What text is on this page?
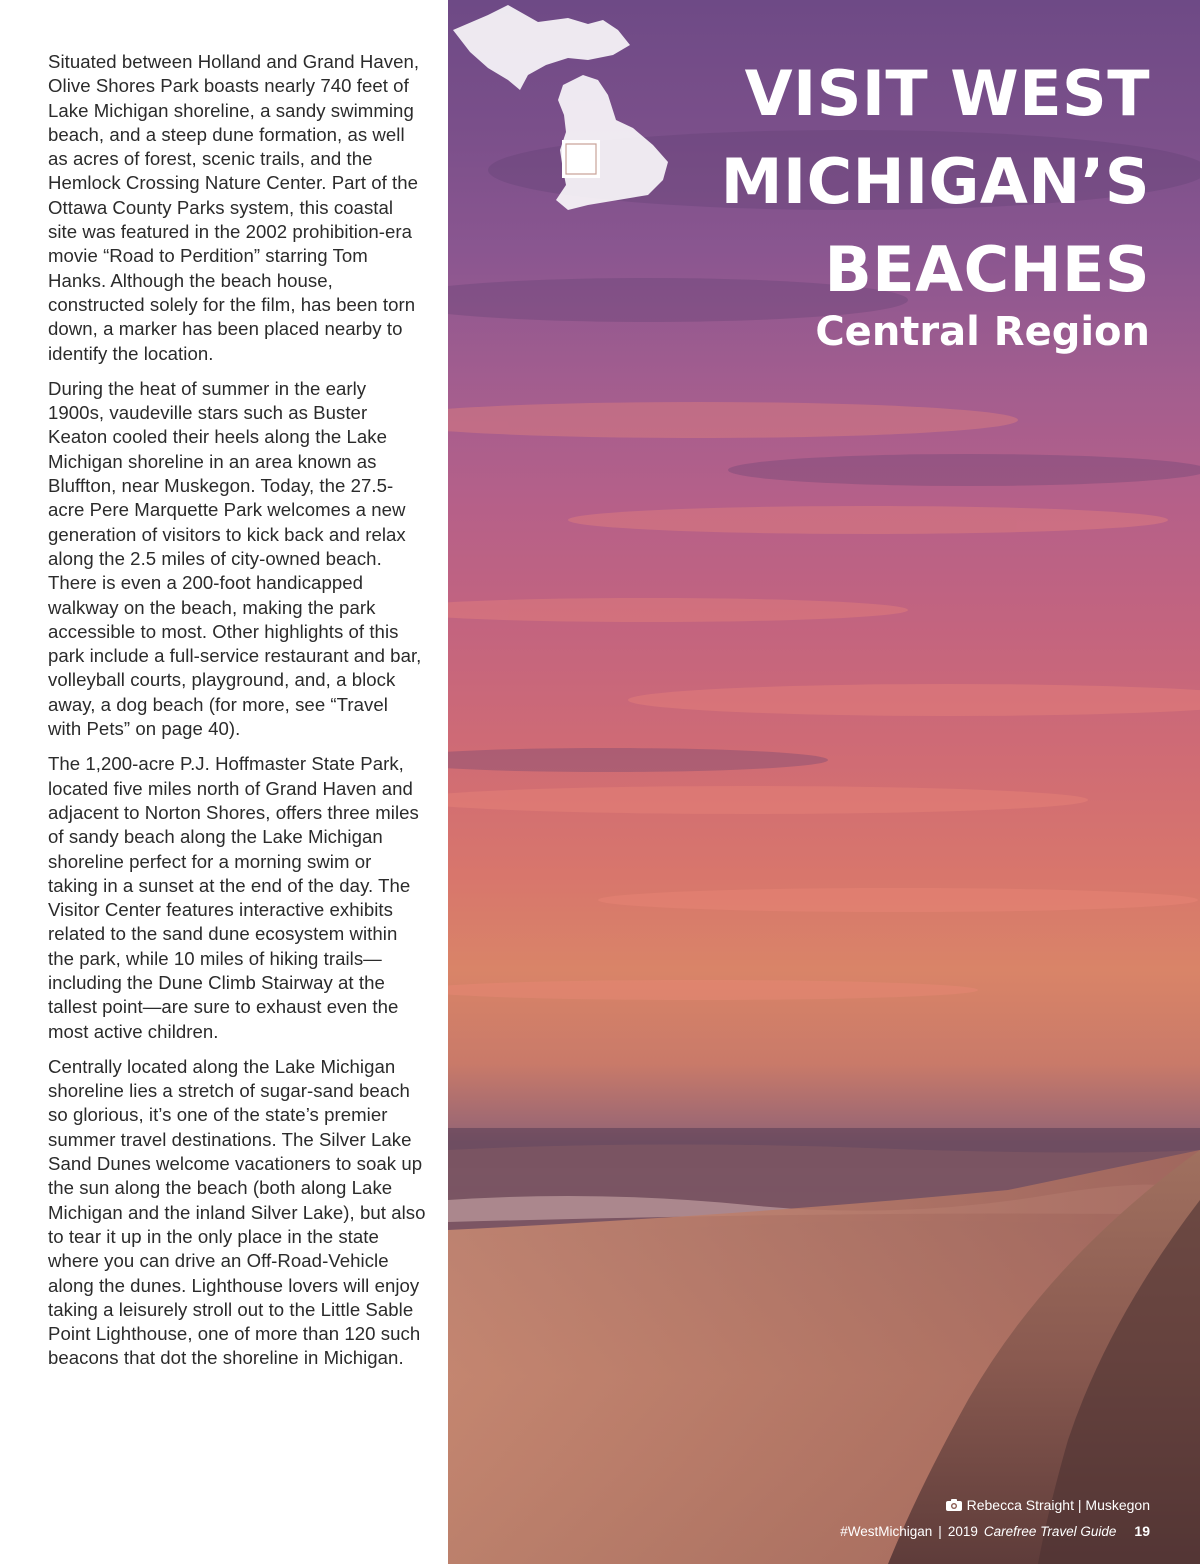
Situated between Holland and Grand Haven, Olive Shores Park boasts nearly 740 feet of Lake Michigan shoreline, a sandy swimming beach, and a steep dune formation, as well as acres of forest, scenic trails, and the Hemlock Crossing Nature Center. Part of the Ottawa County Parks system, this coastal site was featured in the 2002 prohibition-era movie “Road to Perdition” starring Tom Hanks. Although the beach house, constructed solely for the film, has been torn down, a marker has been placed nearby to identify the location.

During the heat of summer in the early 1900s, vaudeville stars such as Buster Keaton cooled their heels along the Lake Michigan shoreline in an area known as Bluffton, near Muskegon. Today, the 27.5-acre Pere Marquette Park welcomes a new generation of visitors to kick back and relax along the 2.5 miles of city-owned beach. There is even a 200-foot handicapped walkway on the beach, making the park accessible to most. Other highlights of this park include a full-service restaurant and bar, volleyball courts, playground, and, a block away, a dog beach (for more, see “Travel with Pets” on page 40).

The 1,200-acre P.J. Hoffmaster State Park, located five miles north of Grand Haven and adjacent to Norton Shores, offers three miles of sandy beach along the Lake Michigan shoreline perfect for a morning swim or taking in a sunset at the end of the day. The Visitor Center features interactive exhibits related to the sand dune ecosystem within the park, while 10 miles of hiking trails—including the Dune Climb Stairway at the tallest point—are sure to exhaust even the most active children.

Centrally located along the Lake Michigan shoreline lies a stretch of sugar-sand beach so glorious, it’s one of the state’s premier summer travel destinations. The Silver Lake Sand Dunes welcome vacationers to soak up the sun along the beach (both along Lake Michigan and the inland Silver Lake), but also to tear it up in the only place in the state where you can drive an Off-Road-Vehicle along the dunes. Lighthouse lovers will enjoy taking a leisurely stroll out to the Little Sable Point Lighthouse, one of more than 120 such beacons that dot the shoreline in Michigan.

VISIT WEST
MICHIGAN’S
BEACHES
Central Region
Rebecca Straight | Muskegon
#WestMichigan | 2019 Carefree Travel Guide 19
